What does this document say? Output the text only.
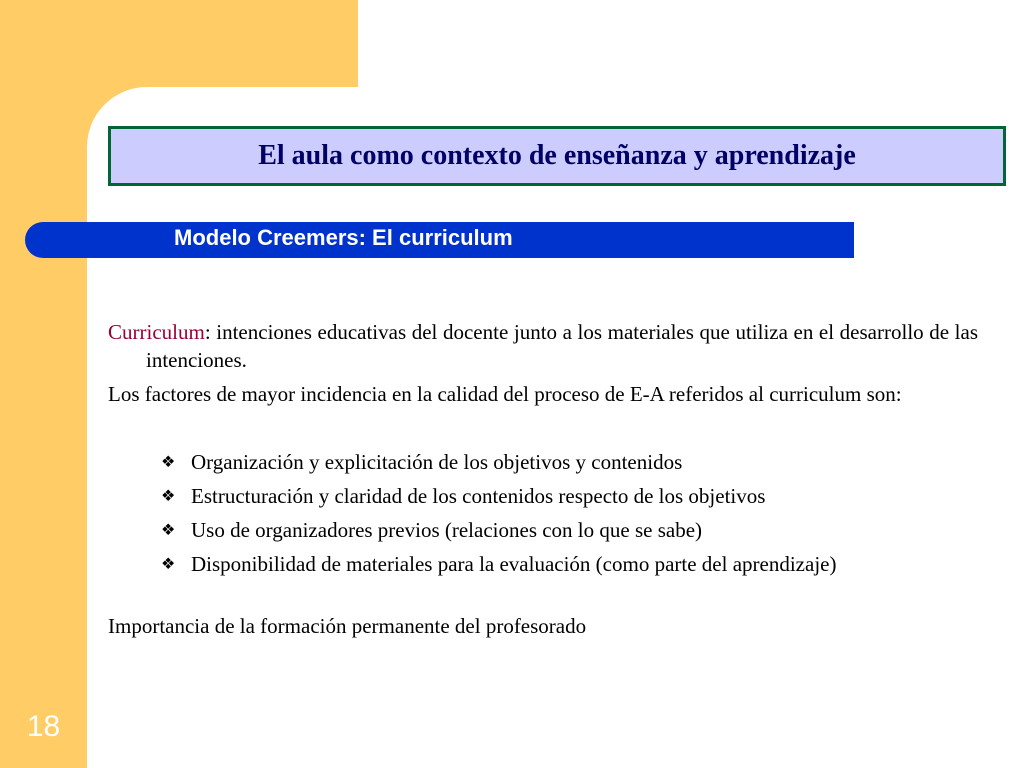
18
El aula como contexto de enseñanza y aprendizaje
Modelo Creemers: El curriculum

Curriculum: intenciones educativas del docente junto a los materiales que utiliza en el desarrollo de las intenciones.

Los factores de mayor incidencia en la calidad del proceso de E-A referidos al curriculum son:

❖ Organización y explicitación de los objetivos y contenidos
❖ Estructuración y claridad de los contenidos respecto de los objetivos
❖ Uso de organizadores previos (relaciones con lo que se sabe)
❖ Disponibilidad de materiales para la evaluación (como parte del aprendizaje)

Importancia de la formación permanente del profesorado
